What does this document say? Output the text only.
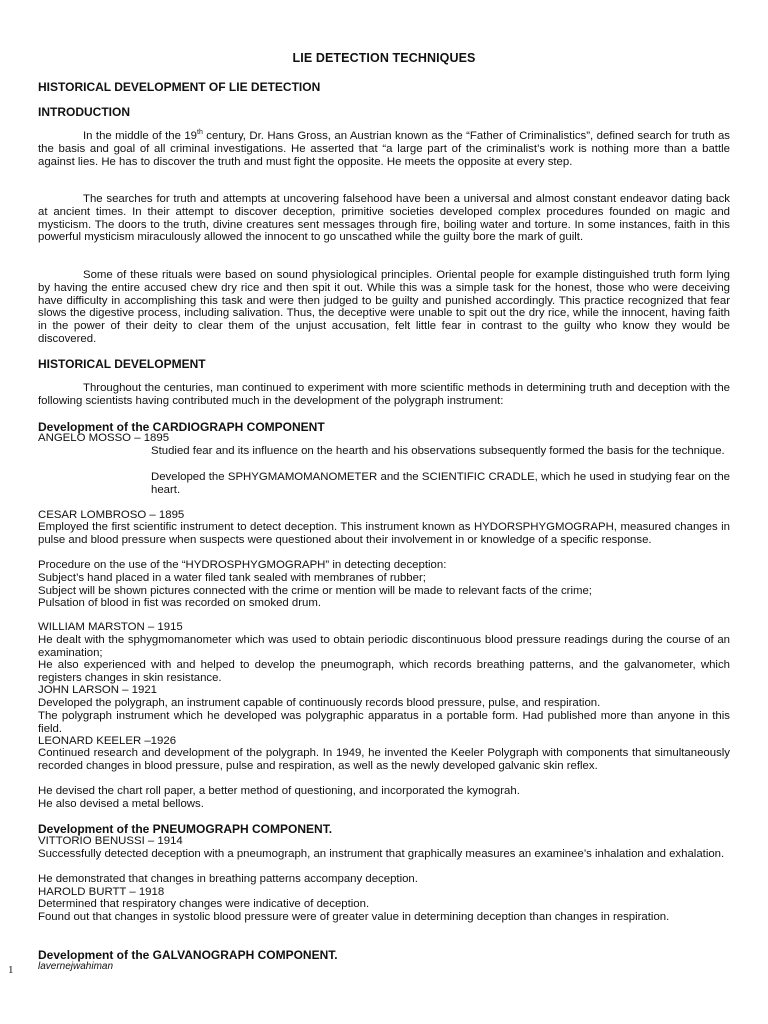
LIE DETECTION TECHNIQUES
HISTORICAL DEVELOPMENT OF LIE DETECTION
INTRODUCTION

In the middle of the 19th century, Dr. Hans Gross, an Austrian known as the “Father of Criminalistics”, defined search for truth as the basis and goal of all criminal investigations. He asserted that “a large part of the criminalist’s work is nothing more than a battle against lies. He has to discover the truth and must fight the opposite. He meets the opposite at every step.

The searches for truth and attempts at uncovering falsehood have been a universal and almost constant endeavor dating back at ancient times. In their attempt to discover deception, primitive societies developed complex procedures founded on magic and mysticism. The doors to the truth, divine creatures sent messages through fire, boiling water and torture. In some instances, faith in this powerful mysticism miraculously allowed the innocent to go unscathed while the guilty bore the mark of guilt.

Some of these rituals were based on sound physiological principles. Oriental people for example distinguished truth form lying by having the entire accused chew dry rice and then spit it out. While this was a simple task for the honest, those who were deceiving have difficulty in accomplishing this task and were then judged to be guilty and punished accordingly. This practice recognized that fear slows the digestive process, including salivation. Thus, the deceptive were unable to spit out the dry rice, while the innocent, having faith in the power of their deity to clear them of the unjust accusation, felt little fear in contrast to the guilty who know they would be discovered.

HISTORICAL DEVELOPMENT

Throughout the centuries, man continued to experiment with more scientific methods in determining truth and deception with the following scientists having contributed much in the development of the polygraph instrument:

Development of the CARDIOGRAPH COMPONENT
ANGELO MOSSO – 1895

Studied fear and its influence on the hearth and his observations subsequently formed the basis for the technique.

Developed the SPHYGMAMOMANOMETER and the SCIENTIFIC CRADLE, which he used in studying fear on the heart.

CESAR LOMBROSO – 1895

Employed the first scientific instrument to detect deception. This instrument known as HYDORSPHYGMOGRAPH, measured changes in pulse and blood pressure when suspects were questioned about their involvement in or knowledge of a specific response.

Procedure on the use of the “HYDROSPHYGMOGRAPH” in detecting deception:

Subject’s hand placed in a water filed tank sealed with membranes of rubber;

Subject will be shown pictures connected with the crime or mention will be made to relevant facts of the crime;

Pulsation of blood in fist was recorded on smoked drum.

WILLIAM MARSTON – 1915

He dealt with the sphygmomanometer which was used to obtain periodic discontinuous blood pressure readings during the course of an examination;

He also experienced with and helped to develop the pneumograph, which records breathing patterns, and the galvanometer, which registers changes in skin resistance.

JOHN LARSON – 1921

Developed the polygraph, an instrument capable of continuously records blood pressure, pulse, and respiration.

The polygraph instrument which he developed was polygraphic apparatus in a portable form. Had published more than anyone in this field.

LEONARD KEELER –1926

Continued research and development of the polygraph. In 1949, he invented the Keeler Polygraph with components that simultaneously recorded changes in blood pressure, pulse and respiration, as well as the newly developed galvanic skin reflex.

He devised the chart roll paper, a better method of questioning, and incorporated the kymograh.

He also devised a metal bellows.

Development of the PNEUMOGRAPH COMPONENT.
VITTORIO BENUSSI – 1914

Successfully detected deception with a pneumograph, an instrument that graphically measures an examinee’s inhalation and exhalation.

He demonstrated that changes in breathing patterns accompany deception.

HAROLD BURTT – 1918

Determined that respiratory changes were indicative of deception.

Found out that changes in systolic blood pressure were of greater value in determining deception than changes in respiration.

Development of the GALVANOGRAPH COMPONENT.
1 lavernejwahiman
